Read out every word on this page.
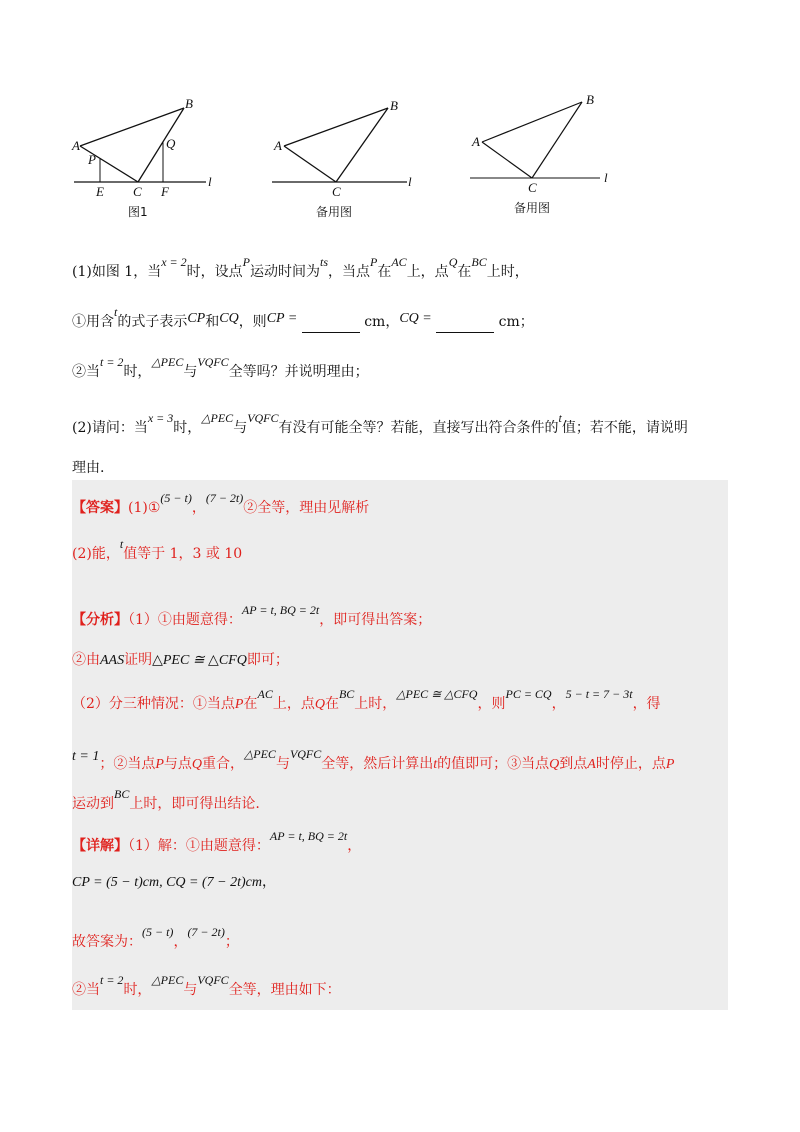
B
A
P
Q
E C F
l
图1
B
A
C
l
备用图
B
A
C
l
备用图
(1)如图 1，当x = 2时，设点P运动时间为ts，当点P在AC上，点Q在BC上时，
①用含t的式子表示CP和CQ，则CP =	cm，CQ =	cm；
②当t = 2时，△PEC与VQFC全等吗？并说明理由；
(2)请问：当x = 3时，△PEC与VQFC有没有可能全等？若能，直接写出符合条件的t值；若不能，请说明
理由.
【答案】(1)①(5 − t)，(7 − 2t)②全等，理由见解析
(2)能，t值等于 1，3 或 10
【分析】（1）①由题意得：AP = t, BQ = 2t，即可得出答案；
②由AAS证明△PEC ≅ △CFQ即可；
（2）分三种情况：①当点P在AC上，点Q在BC上时，△PEC ≅ △CFQ，则PC = CQ，5 − t = 7 − 3t，得
t = 1；②当点P与点Q重合，△PEC与VQFC全等，然后计算出t的值即可；③当点Q到点A时停止，点P
运动到BC上时，即可得出结论.
【详解】（1）解：①由题意得：AP = t, BQ = 2t，
CP = (5 − t)cm, CQ = (7 − 2t)cm，
故答案为：(5 − t)，(7 − 2t)；
②当t = 2时，△PEC与VQFC全等，理由如下：
